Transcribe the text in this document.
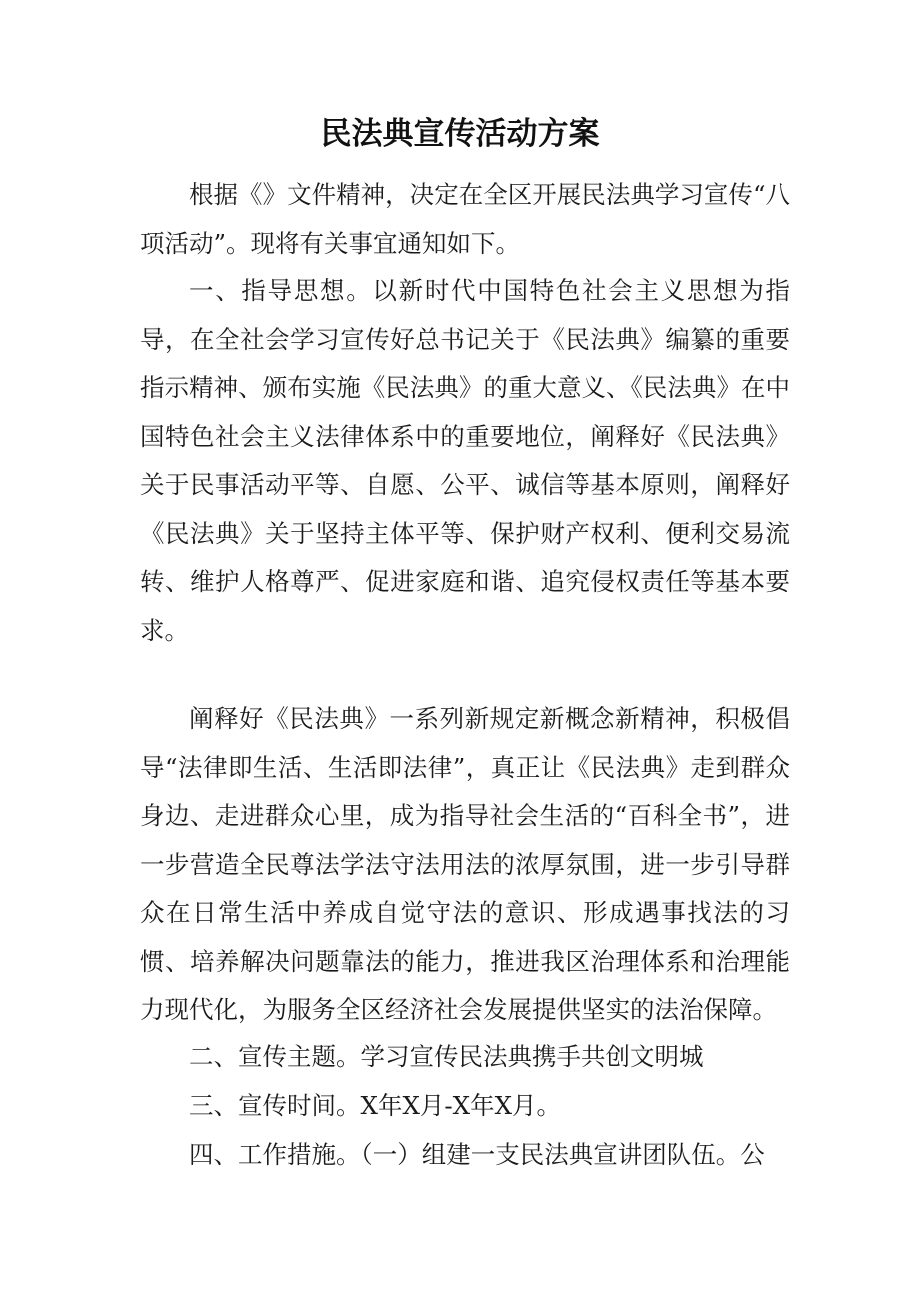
民法典宣传活动方案

根据《》文件精神，决定在全区开展民法典学习宣传“八项活动”。现将有关事宜通知如下。

一、指导思想。以新时代中国特色社会主义思想为指导，在全社会学习宣传好总书记关于《民法典》编纂的重要指示精神、颁布实施《民法典》的重大意义、《民法典》在中国特色社会主义法律体系中的重要地位，阐释好《民法典》关于民事活动平等、自愿、公平、诚信等基本原则，阐释好《民法典》关于坚持主体平等、保护财产权利、便利交易流转、维护人格尊严、促进家庭和谐、追究侵权责任等基本要求。

阐释好《民法典》一系列新规定新概念新精神，积极倡导“法律即生活、生活即法律”，真正让《民法典》走到群众身边、走进群众心里，成为指导社会生活的“百科全书”，进一步营造全民尊法学法守法用法的浓厚氛围，进一步引导群众在日常生活中养成自觉守法的意识、形成遇事找法的习惯、培养解决问题靠法的能力，推进我区治理体系和治理能力现代化，为服务全区经济社会发展提供坚实的法治保障。

二、宣传主题。学习宣传民法典携手共创文明城

三、宣传时间。X年X月-X年X月。

四、工作措施。（一）组建一支民法典宣讲团队伍。公
